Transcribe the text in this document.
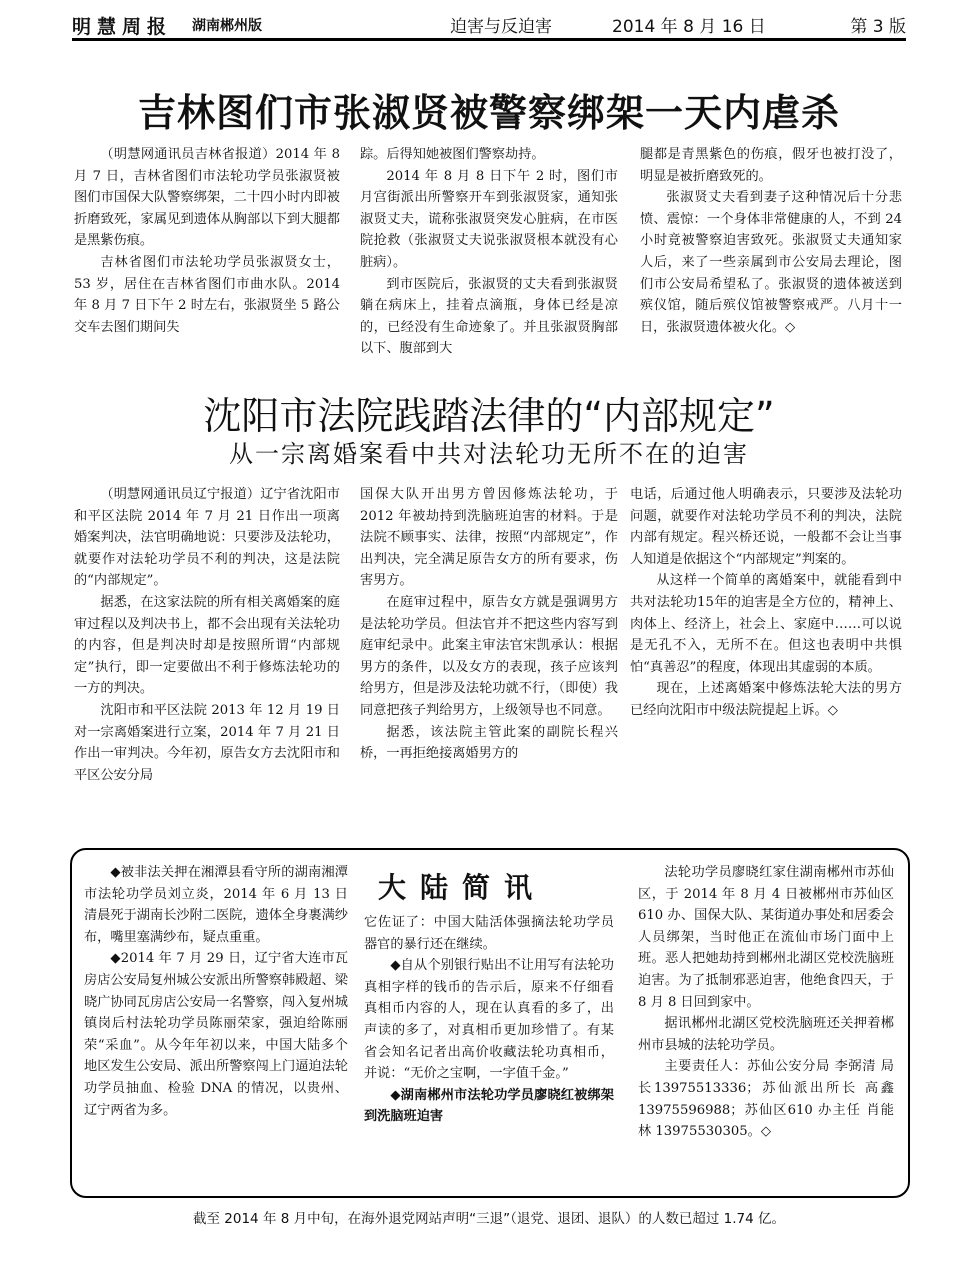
明慧周报 湖南郴州版	迫害与反迫害	2014 年 8 月 16 日	第 3 版
吉林图们市张淑贤被警察绑架一天内虐杀

（明慧网通讯员吉林省报道）2014 年 8 月 7 日，吉林省图们市法轮功学员张淑贤被图们市国保大队警察绑架，二十四小时内即被折磨致死，家属见到遗体从胸部以下到大腿都是黑紫伤痕。

吉林省图们市法轮功学员张淑贤女士，53 岁，居住在吉林省图们市曲水队。2014 年 8 月 7 日下午 2 时左右，张淑贤坐 5 路公交车去图们期间失

踪。后得知她被图们警察劫持。

2014 年 8 月 8 日下午 2 时，图们市月宫街派出所警察开车到张淑贤家，通知张淑贤丈夫，谎称张淑贤突发心脏病，在市医院抢救（张淑贤丈夫说张淑贤根本就没有心脏病）。

到市医院后，张淑贤的丈夫看到张淑贤躺在病床上，挂着点滴瓶，身体已经是凉的，已经没有生命迹象了。并且张淑贤胸部以下、腹部到大

腿都是青黑紫色的伤痕，假牙也被打没了，明显是被折磨致死的。

张淑贤丈夫看到妻子这种情况后十分悲愤、震惊：一个身体非常健康的人，不到 24 小时竟被警察迫害致死。张淑贤丈夫通知家人后，来了一些亲属到市公安局去理论，图们市公安局希望私了。张淑贤的遗体被送到殡仪馆，随后殡仪馆被警察戒严。八月十一日，张淑贤遗体被火化。◇

沈阳市法院践踏法律的“内部规定”
从一宗离婚案看中共对法轮功无所不在的迫害

（明慧网通讯员辽宁报道）辽宁省沈阳市和平区法院 2014 年 7 月 21 日作出一项离婚案判决，法官明确地说：只要涉及法轮功，就要作对法轮功学员不利的判决，这是法院的“内部规定”。

据悉，在这家法院的所有相关离婚案的庭审过程以及判决书上，都不会出现有关法轮功的内容，但是判决时却是按照所谓“内部规定”执行，即一定要做出不利于修炼法轮功的一方的判决。

沈阳市和平区法院 2013 年 12 月 19 日对一宗离婚案进行立案，2014 年 7 月 21 日作出一审判决。今年初，原告女方去沈阳市和平区公安分局

国保大队开出男方曾因修炼法轮功，于 2012 年被劫持到洗脑班迫害的材料。于是法院不顾事实、法律，按照“内部规定”，作出判决，完全满足原告女方的所有要求，伤害男方。

在庭审过程中，原告女方就是强调男方是法轮功学员。但法官并不把这些内容写到庭审纪录中。此案主审法官宋凯承认：根据男方的条件，以及女方的表现，孩子应该判给男方，但是涉及法轮功就不行，（即使）我同意把孩子判给男方，上级领导也不同意。

据悉，该法院主管此案的副院长程兴桥，一再拒绝接离婚男方的

电话，后通过他人明确表示，只要涉及法轮功问题，就要作对法轮功学员不利的判决，法院内部有规定。程兴桥还说，一般都不会让当事人知道是依据这个“内部规定”判案的。

从这样一个简单的离婚案中，就能看到中共对法轮功15年的迫害是全方位的，精神上、肉体上、经济上，社会上、家庭中……可以说是无孔不入，无所不在。但这也表明中共惧怕“真善忍”的程度，体现出其虚弱的本质。

现在，上述离婚案中修炼法轮大法的男方已经向沈阳市中级法院提起上诉。◇

◆被非法关押在湘潭县看守所的湖南湘潭市法轮功学员刘立炎，2014 年 6 月 13 日清晨死于湖南长沙附二医院，遗体全身裹满纱布，嘴里塞满纱布，疑点重重。

◆2014 年 7 月 29 日，辽宁省大连市瓦房店公安局复州城公安派出所警察韩殿超、梁晓广协同瓦房店公安局一名警察，闯入复州城镇岗后村法轮功学员陈丽荣家，强迫给陈丽荣“采血”。从今年年初以来，中国大陆多个地区发生公安局、派出所警察闯上门逼迫法轮功学员抽血、检验 DNA 的情况，以贵州、辽宁两省为多。

大陆简讯

它佐证了：中国大陆活体强摘法轮功学员器官的暴行还在继续。

◆自从个别银行贴出不让用写有法轮功真相字样的钱币的告示后，原来不仔细看真相币内容的人，现在认真看的多了，出声读的多了，对真相币更加珍惜了。有某省会知名记者出高价收藏法轮功真相币，并说：“无价之宝啊，一字值千金。”

◆湖南郴州市法轮功学员廖晓红被绑架到洗脑班迫害

法轮功学员廖晓红家住湖南郴州市苏仙区，于 2014 年 8 月 4 日被郴州市苏仙区 610 办、国保大队、某街道办事处和居委会人员绑架，当时他正在流仙市场门面中上班。恶人把她劫持到郴州北湖区党校洗脑班迫害。为了抵制邪恶迫害，他绝食四天，于 8 月 8 日回到家中。

据讯郴州北湖区党校洗脑班还关押着郴州市县城的法轮功学员。

主要责任人：苏仙公安分局 李弼清 局长13975513336；苏仙派出所长 高鑫13975596988；苏仙区610 办主任 肖能林 13975530305。◇

截至 2014 年 8 月中旬，在海外退党网站声明“三退”（退党、退团、退队）的人数已超过 1.74 亿。
